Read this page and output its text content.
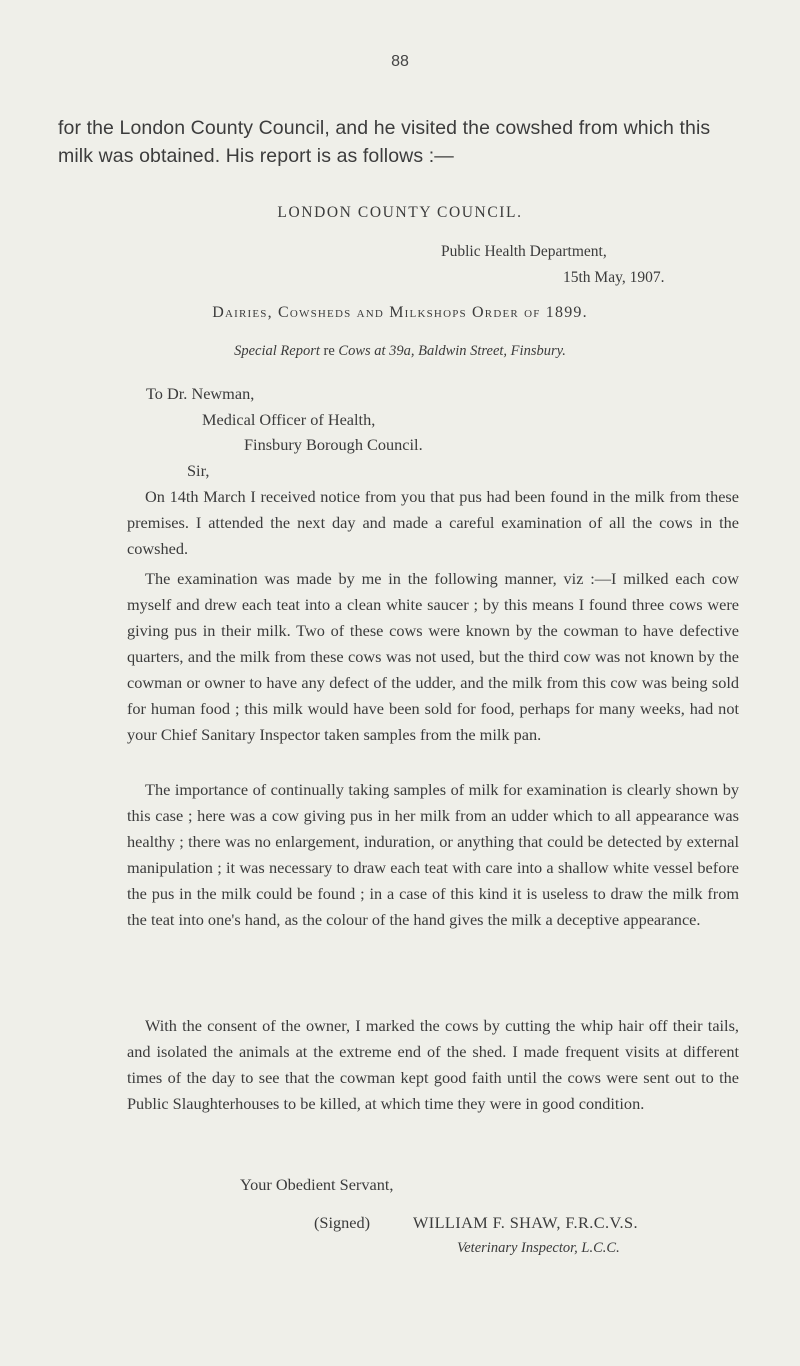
88
for the London County Council, and he visited the cowshed from which this milk was obtained. His report is as follows :—
LONDON COUNTY COUNCIL.
Public Health Department,
15th May, 1907.
Dairies, Cowsheds and Milkshops Order of 1899.
Special Report re Cows at 39a, Baldwin Street, Finsbury.
To Dr. Newman,
Medical Officer of Health,
Finsbury Borough Council.
Sir,
On 14th March I received notice from you that pus had been found in the milk from these premises. I attended the next day and made a careful examination of all the cows in the cowshed.
The examination was made by me in the following manner, viz :—I milked each cow myself and drew each teat into a clean white saucer ; by this means I found three cows were giving pus in their milk. Two of these cows were known by the cowman to have defective quarters, and the milk from these cows was not used, but the third cow was not known by the cowman or owner to have any defect of the udder, and the milk from this cow was being sold for human food ; this milk would have been sold for food, perhaps for many weeks, had not your Chief Sanitary Inspector taken samples from the milk pan.
The importance of continually taking samples of milk for examination is clearly shown by this case ; here was a cow giving pus in her milk from an udder which to all appearance was healthy ; there was no enlargement, induration, or anything that could be detected by external manipulation ; it was necessary to draw each teat with care into a shallow white vessel before the pus in the milk could be found ; in a case of this kind it is useless to draw the milk from the teat into one's hand, as the colour of the hand gives the milk a deceptive appearance.
With the consent of the owner, I marked the cows by cutting the whip hair off their tails, and isolated the animals at the extreme end of the shed. I made frequent visits at different times of the day to see that the cowman kept good faith until the cows were sent out to the Public Slaughterhouses to be killed, at which time they were in good condition.
Your Obedient Servant,
(Signed)	WILLIAM F. SHAW, F.R.C.V.S.
Veterinary Inspector, L.C.C.
